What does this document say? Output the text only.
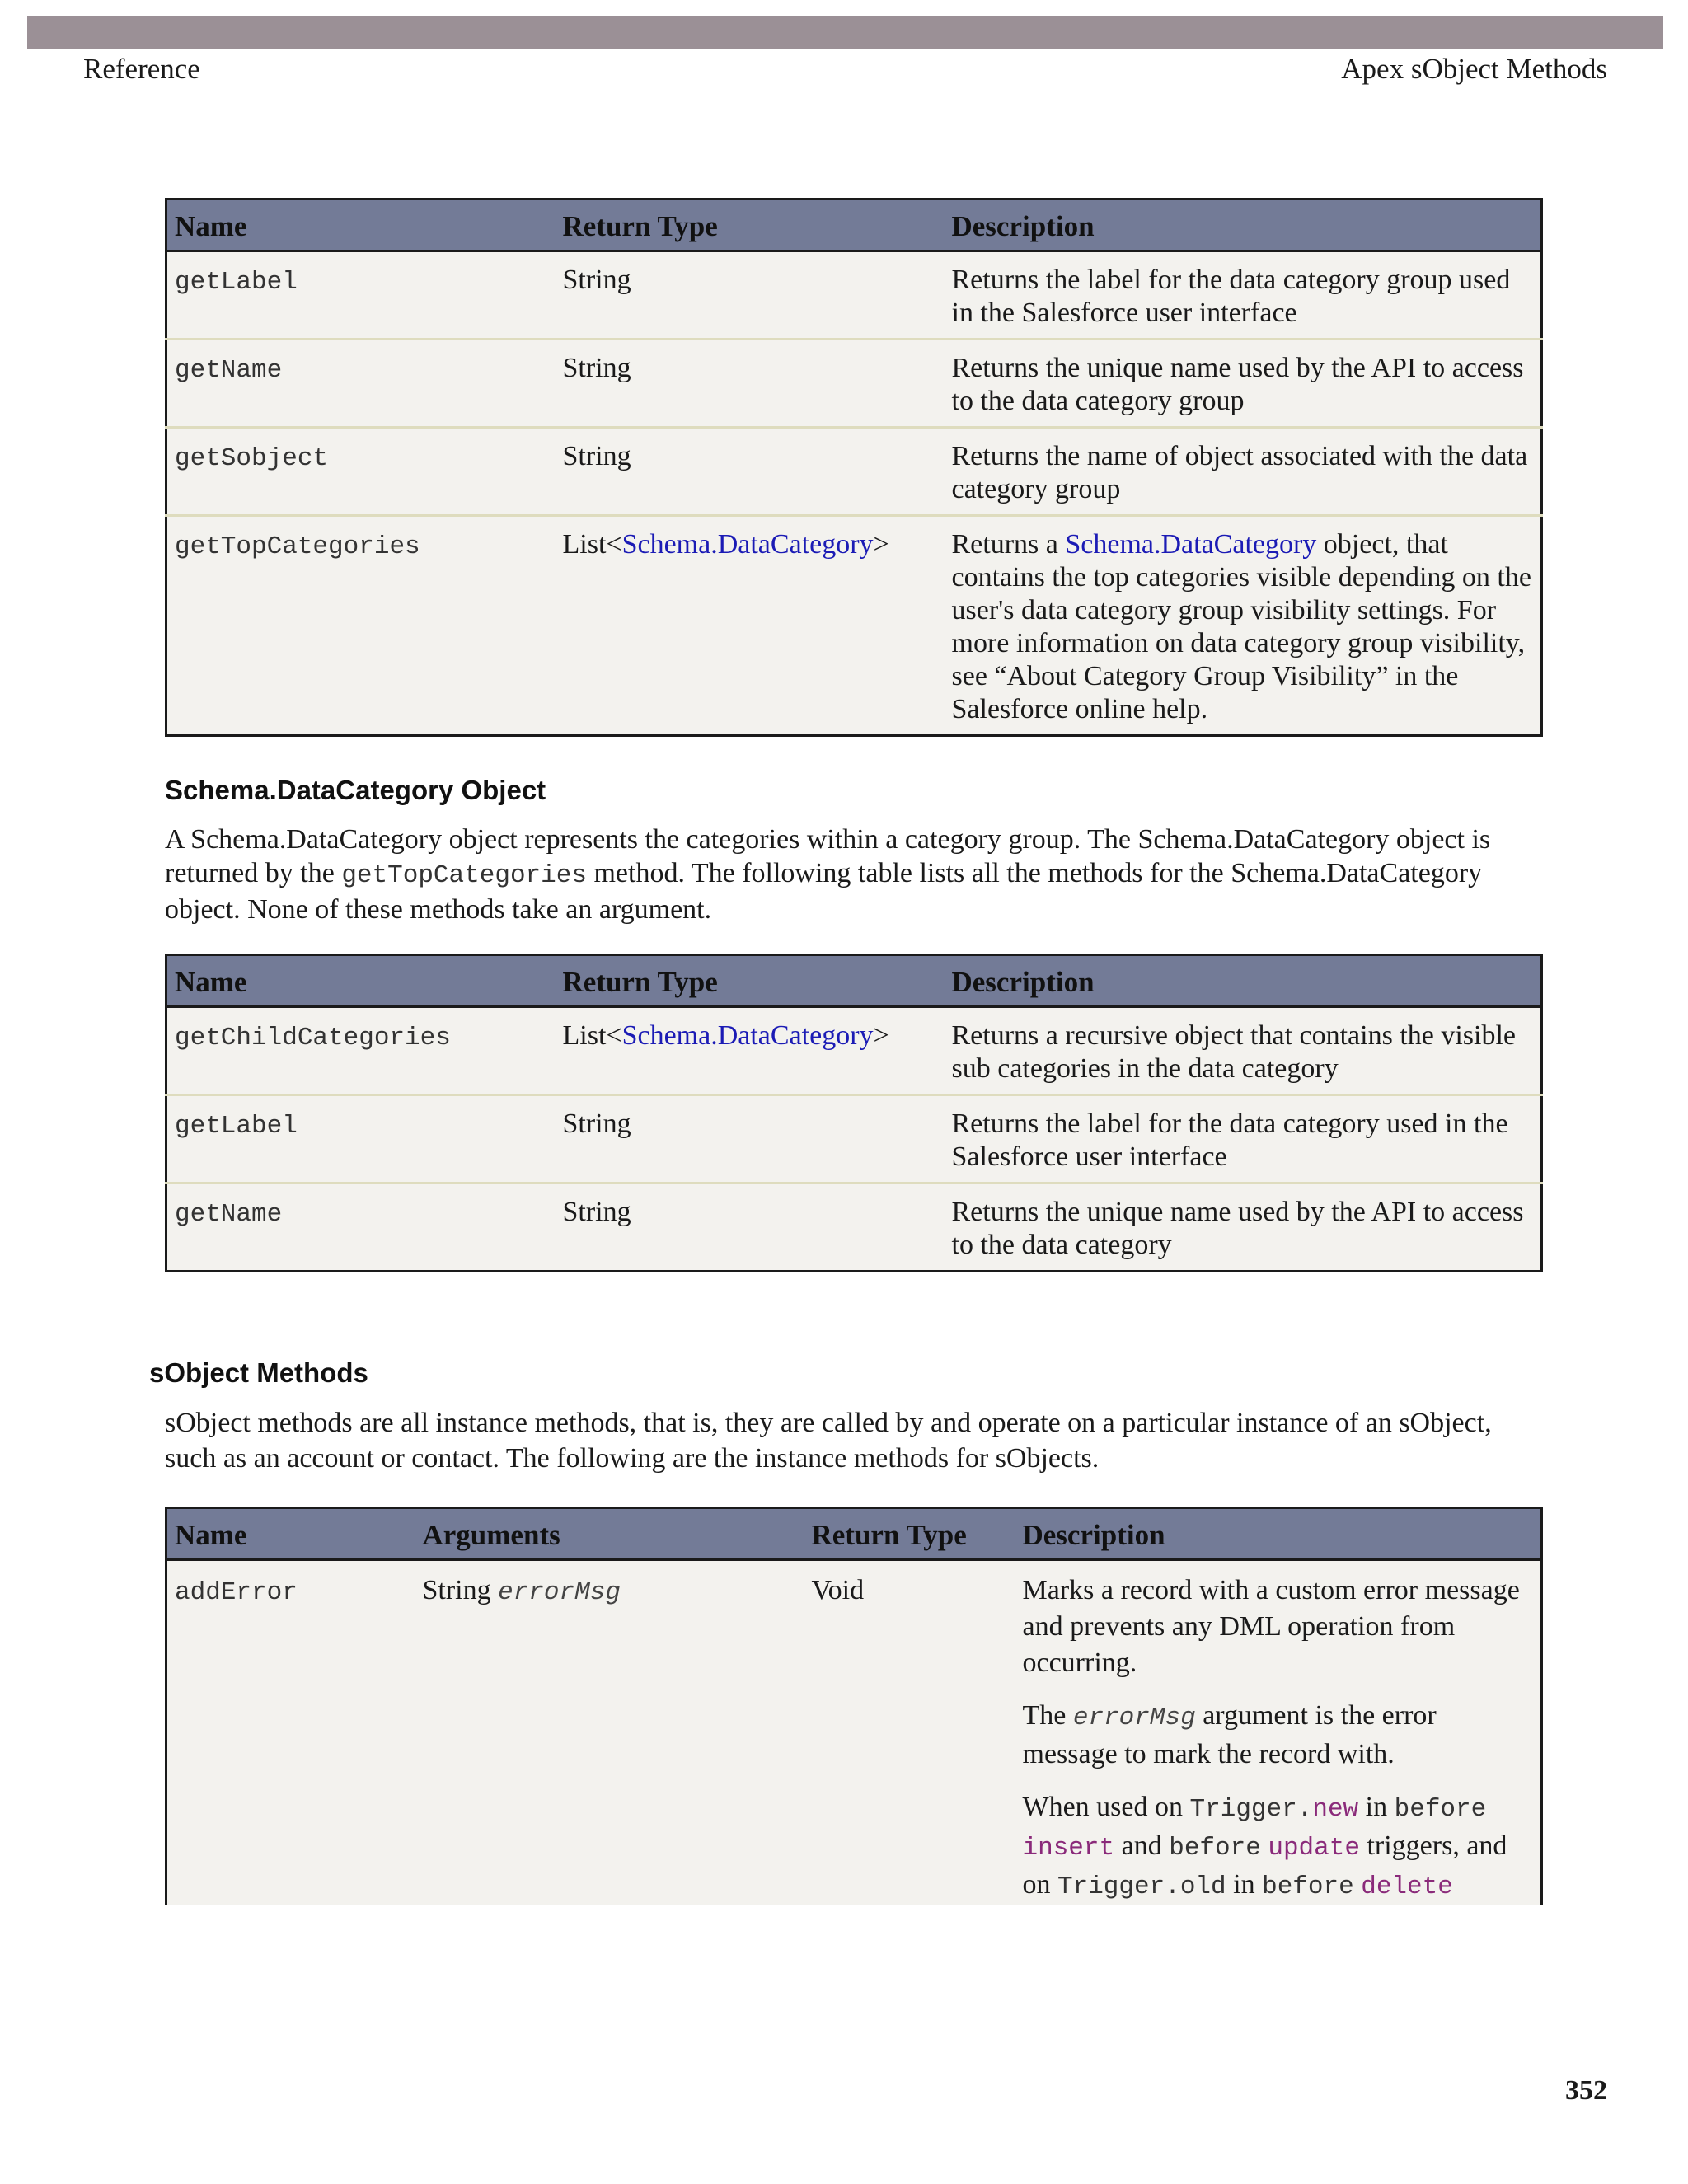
Reference	Apex sObject Methods
Name	Return Type	Description
getLabel	String	Returns the label for the data category group used in the Salesforce user interface
getName	String	Returns the unique name used by the API to access to the data category group
getSobject	String	Returns the name of object associated with the data category group
getTopCategories	List<Schema.DataCategory>	Returns a Schema.DataCategory object, that contains the top categories visible depending on the user's data category group visibility settings. For more information on data category group visibility, see “About Category Group Visibility” in the Salesforce online help.
Schema.DataCategory Object
A Schema.DataCategory object represents the categories within a category group. The Schema.DataCategory object is returned by the getTopCategories method. The following table lists all the methods for the Schema.DataCategory object. None of these methods take an argument.
Name	Return Type	Description
getChildCategories	List<Schema.DataCategory>	Returns a recursive object that contains the visible sub categories in the data category
getLabel	String	Returns the label for the data category used in the Salesforce user interface
getName	String	Returns the unique name used by the API to access to the data category
sObject Methods
sObject methods are all instance methods, that is, they are called by and operate on a particular instance of an sObject, such as an account or contact. The following are the instance methods for sObjects.
Name	Arguments	Return Type	Description
addError	String errorMsg	Void	Marks a record with a custom error message and prevents any DML operation from occurring.
The errorMsg argument is the error message to mark the record with.
When used on Trigger.new in before insert and before update triggers, and on Trigger.old in before delete
352
